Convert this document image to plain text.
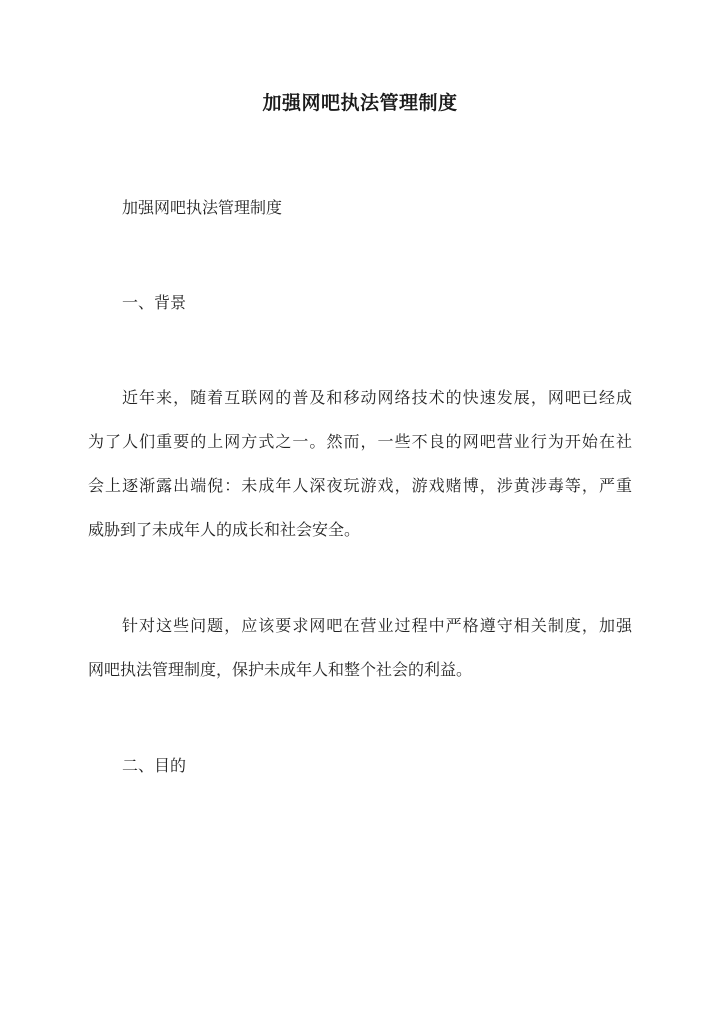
加强网吧执法管理制度
加强网吧执法管理制度
一、背景
近年来，随着互联网的普及和移动网络技术的快速发展，网吧已经成
为了人们重要的上网方式之一。然而，一些不良的网吧营业行为开始在社
会上逐渐露出端倪：未成年人深夜玩游戏，游戏赌博，涉黄涉毒等，严重
威胁到了未成年人的成长和社会安全。
针对这些问题，应该要求网吧在营业过程中严格遵守相关制度，加强
网吧执法管理制度，保护未成年人和整个社会的利益。
二、目的
